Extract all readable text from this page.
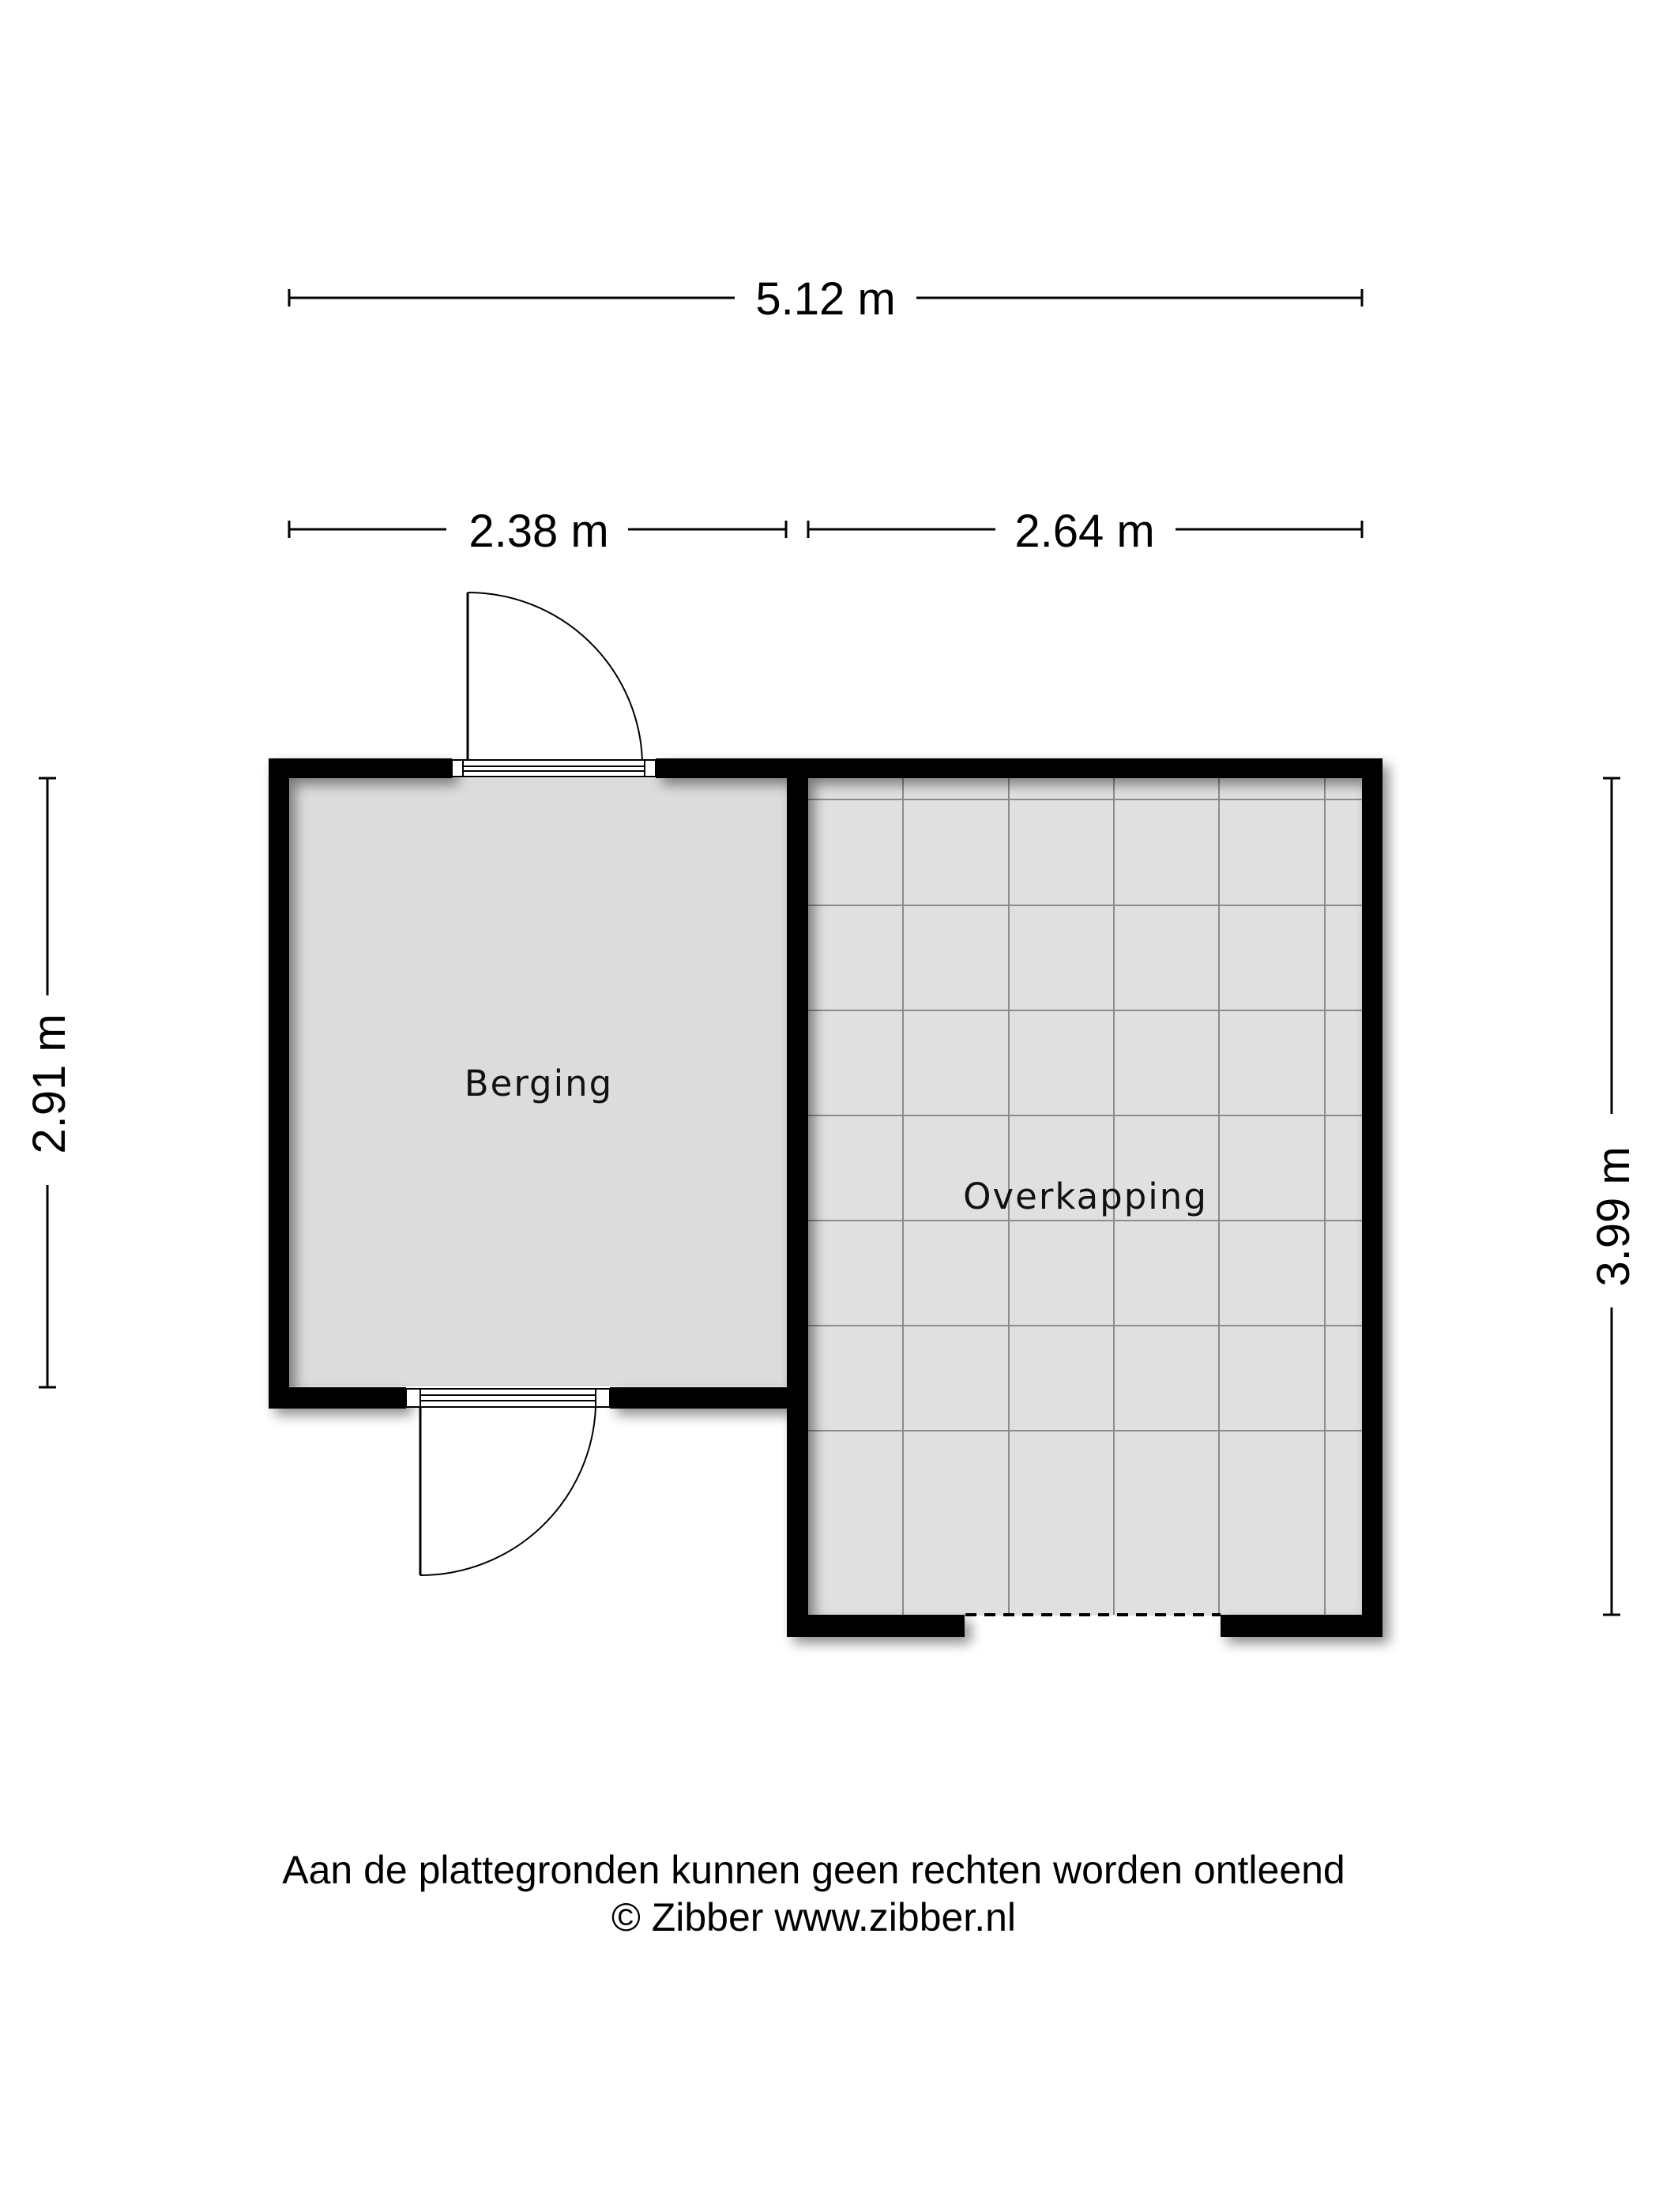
5.12 m
2.38 m	2.64 m
2.91 m
3.99 m
Berging
Overkapping
Aan de plattegronden kunnen geen rechten worden ontleend
© Zibber www.zibber.nl
